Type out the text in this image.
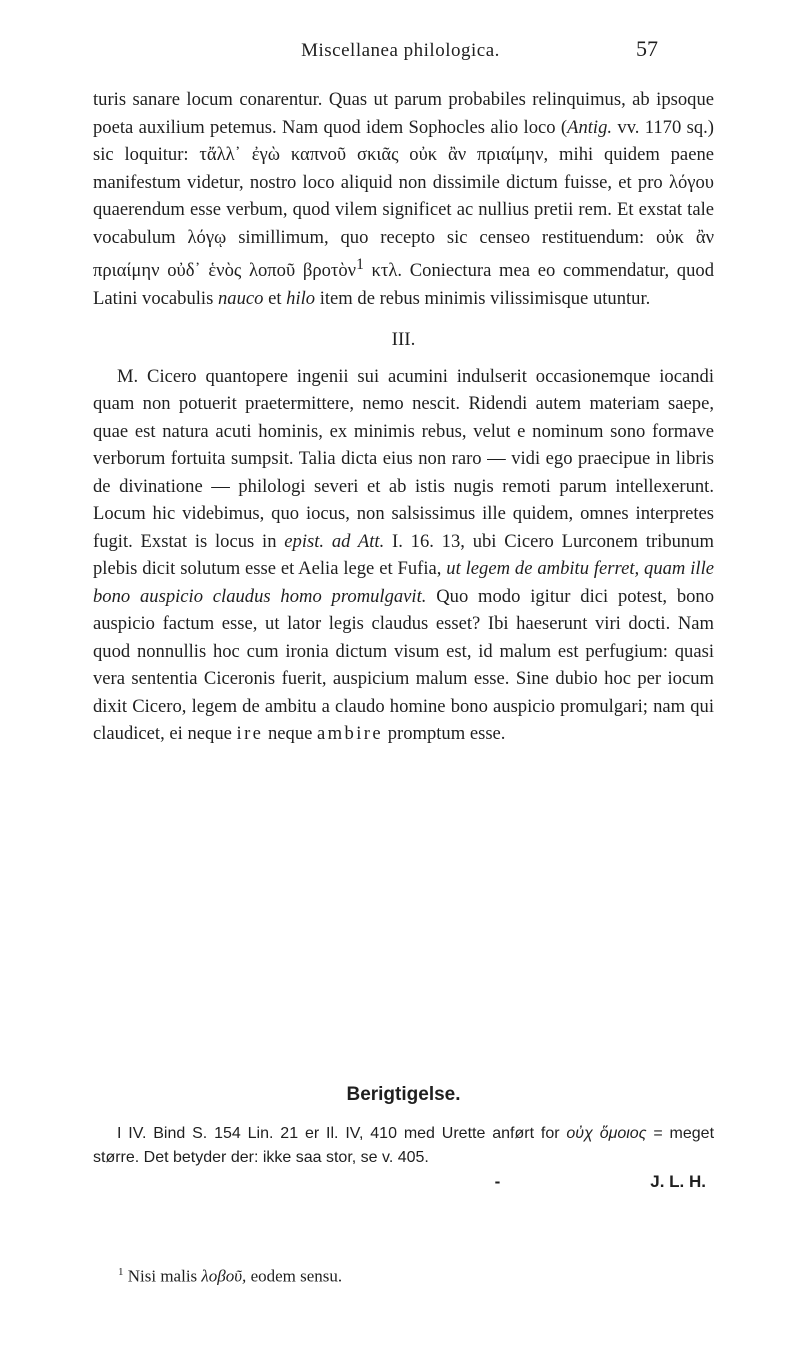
Miscellanea philologica.	57

turis sanare locum conarentur. Quas ut parum probabiles relinquimus, ab ipsoque poeta auxilium petemus. Nam quod idem Sophocles alio loco (Antig. vv. 1170 sq.) sic loquitur: τἄλλ᾽ ἐγὼ καπνοῦ σκιᾶς οὐκ ἂν πριαίμην, mihi quidem paene manifestum videtur, nostro loco aliquid non dissimile dictum fuisse, et pro λόγου quaerendum esse verbum, quod vilem significet ac nullius pretii rem. Et exstat tale vocabulum λόγῳ simillimum, quo recepto sic censeo restituendum: οὐκ ἂν πριαίμην οὐδ᾽ ἑνὸς λοποῦ βροτὸν$^1$ κτλ. Coniectura mea eo commendatur, quod Latini vocabulis nauco et hilo item de rebus minimis vilissimisque utuntur.

III.

M. Cicero quantopere ingenii sui acumini indulserit occasionemque iocandi quam non potuerit praetermittere, nemo nescit. Ridendi autem materiam saepe, quae est natura acuti hominis, ex minimis rebus, velut e nominum sono formave verborum fortuita sumpsit. Talia dicta eius non raro — vidi ego praecipue in libris de divinatione — philologi severi et ab istis nugis remoti parum intellexerunt. Locum hic videbimus, quo iocus, non salsissimus ille quidem, omnes interpretes fugit. Exstat is locus in epist. ad Att. I. 16. 13, ubi Cicero Lurconem tribunum plebis dicit solutum esse et Aelia lege et Fufia, ut legem de ambitu ferret, quam ille bono auspicio claudus homo promulgavit. Quo modo igitur dici potest, bono auspicio factum esse, ut lator legis claudus esset? Ibi haeserunt viri docti. Nam quod nonnullis hoc cum ironia dictum visum est, id malum est perfugium: quasi vera sententia Ciceronis fuerit, auspicium malum esse. Sine dubio hoc per iocum dixit Cicero, legem de ambitu a claudo homine bono auspicio promulgari; nam qui claudicet, ei neque ire neque ambire promptum esse.

Berigtigelse.

I IV. Bind S. 154 Lin. 21 er Il. IV, 410 med Urette anført for οὐχ ὅμοιος = meget større. Det betyder der: ikke saa stor, se v. 405.

-	J. L. H.
$^1$ Nisi malis λοβοῦ, eodem sensu.
